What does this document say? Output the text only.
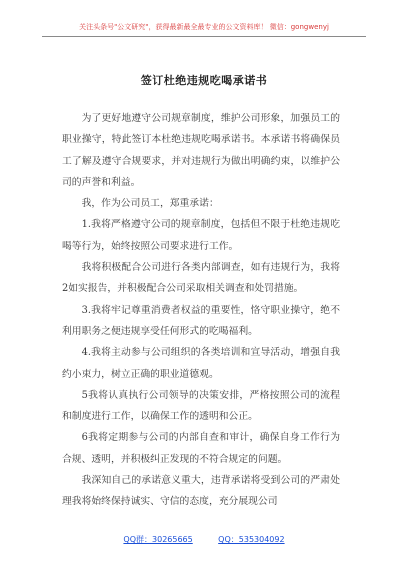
关注头条号"公文研究"，获得最新最全最专业的公文资料库！ 微信：gongwenyj
签订杜绝违规吃喝承诺书

为了更好地遵守公司规章制度，维护公司形象，加强员工的职业操守，特此签订本杜绝违规吃喝承诺书。本承诺书将确保员工了解及遵守合规要求，并对违规行为做出明确约束，以维护公司的声誉和利益。

我，作为公司员工，郑重承诺：

1.我将严格遵守公司的规章制度，包括但不限于杜绝违规吃喝等行为，始终按照公司要求进行工作。

我将积极配合公司进行各类内部调查，如有违规行为，我将2如实报告，并积极配合公司采取相关调查和处罚措施。

3.我将牢记尊重消费者权益的重要性，恪守职业操守，绝不利用职务之便违规享受任何形式的吃喝福利。

4.我将主动参与公司组织的各类培训和宣导活动，增强自我约小束力，树立正确的职业道德观。

5我将认真执行公司领导的决策安排，严格按照公司的流程和制度进行工作，以确保工作的透明和公正。

6我将定期参与公司的内部自查和审计，确保自身工作行为合规、透明，并积极纠正发现的不符合规定的问题。

我深知自己的承诺意义重大，违背承诺将受到公司的严肃处理我将始终保持诚实、守信的态度，充分展现公司

QQ群：30265665	QQ：535304092
